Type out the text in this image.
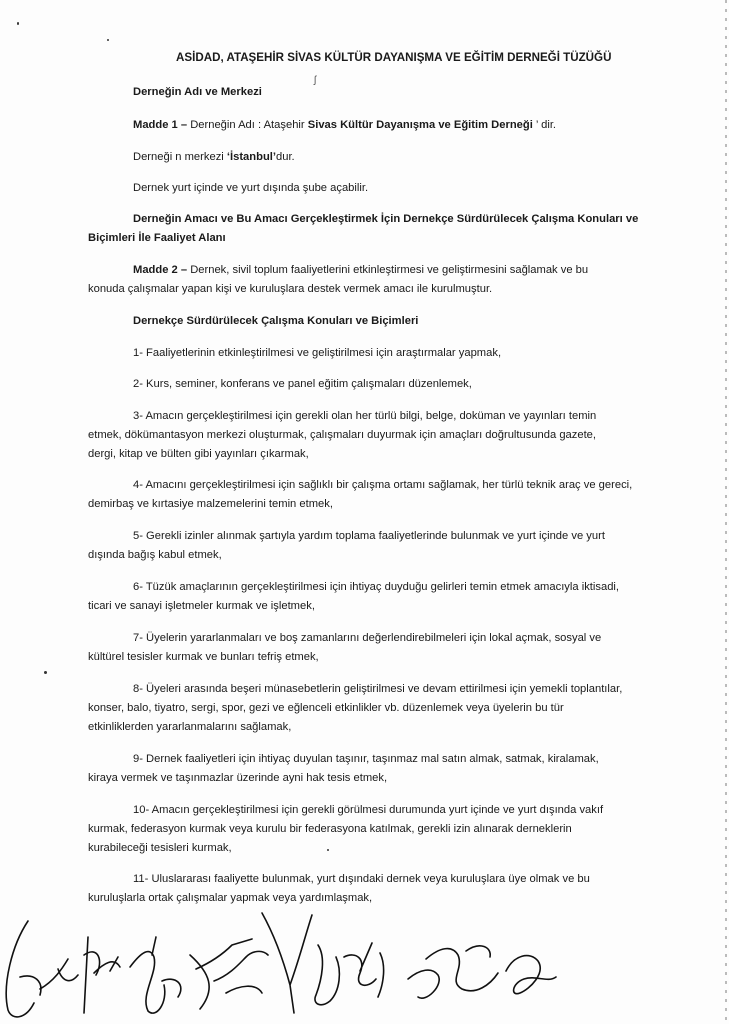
ASİDAD, ATAŞEHİR SİVAS KÜLTÜR DAYANIŞMA VE EĞİTİM DERNEĞİ TÜZÜĞÜ
ʃ
Derneğin Adı ve Merkezi
Madde 1 – Derneğin Adı : Ataşehir Sivas Kültür Dayanışma ve Eğitim Derneği ’ dir.
Derneği n merkezi ‘İstanbul’dur.
Dernek yurt içinde ve yurt dışında şube açabilir.
Derneğin Amacı ve Bu Amacı Gerçekleştirmek İçin Dernekçe Sürdürülecek Çalışma Konuları ve
Biçimleri İle Faaliyet Alanı
Madde 2 – Dernek, sivil toplum faaliyetlerini etkinleştirmesi ve geliştirmesini sağlamak ve bu
konuda çalışmalar yapan kişi ve kuruluşlara destek vermek amacı ile kurulmuştur.
Dernekçe Sürdürülecek Çalışma Konuları ve Biçimleri
1- Faaliyetlerinin etkinleştirilmesi ve geliştirilmesi için araştırmalar yapmak,
2- Kurs, seminer, konferans ve panel eğitim çalışmaları düzenlemek,
3- Amacın gerçekleştirilmesi için gerekli olan her türlü bilgi, belge, doküman ve yayınları temin
etmek, dökümantasyon merkezi oluşturmak, çalışmaları duyurmak için amaçları doğrultusunda gazete,
dergi, kitap ve bülten gibi yayınları çıkarmak,
4- Amacını gerçekleştirilmesi için sağlıklı bir çalışma ortamı sağlamak, her türlü teknik araç ve gereci,
demirbaş ve kırtasiye malzemelerini temin etmek,
5- Gerekli izinler alınmak şartıyla yardım toplama faaliyetlerinde bulunmak ve yurt içinde ve yurt
dışında bağış kabul etmek,
6- Tüzük amaçlarının gerçekleştirilmesi için ihtiyaç duyduğu gelirleri temin etmek amacıyla iktisadi,
ticari ve sanayi işletmeler kurmak ve işletmek,
7- Üyelerin yararlanmaları ve boş zamanlarını değerlendirebilmeleri için lokal açmak, sosyal ve
kültürel tesisler kurmak ve bunları tefriş etmek,
8- Üyeleri arasında beşeri münasebetlerin geliştirilmesi ve devam ettirilmesi için yemekli toplantılar,
konser, balo, tiyatro, sergi, spor, gezi ve eğlenceli etkinlikler vb. düzenlemek veya üyelerin bu tür
etkinliklerden yararlanmalarını sağlamak,
9- Dernek faaliyetleri için ihtiyaç duyulan taşınır, taşınmaz mal satın almak, satmak, kiralamak,
kiraya vermek ve taşınmazlar üzerinde ayni hak tesis etmek,
10- Amacın gerçekleştirilmesi için gerekli görülmesi durumunda yurt içinde ve yurt dışında vakıf
kurmak, federasyon kurmak veya kurulu bir federasyona katılmak, gerekli izin alınarak derneklerin
kurabileceği tesisleri kurmak,
11- Uluslararası faaliyette bulunmak, yurt dışındaki dernek veya kuruluşlara üye olmak ve bu
kuruluşlarla ortak çalışmalar yapmak veya yardımlaşmak,
